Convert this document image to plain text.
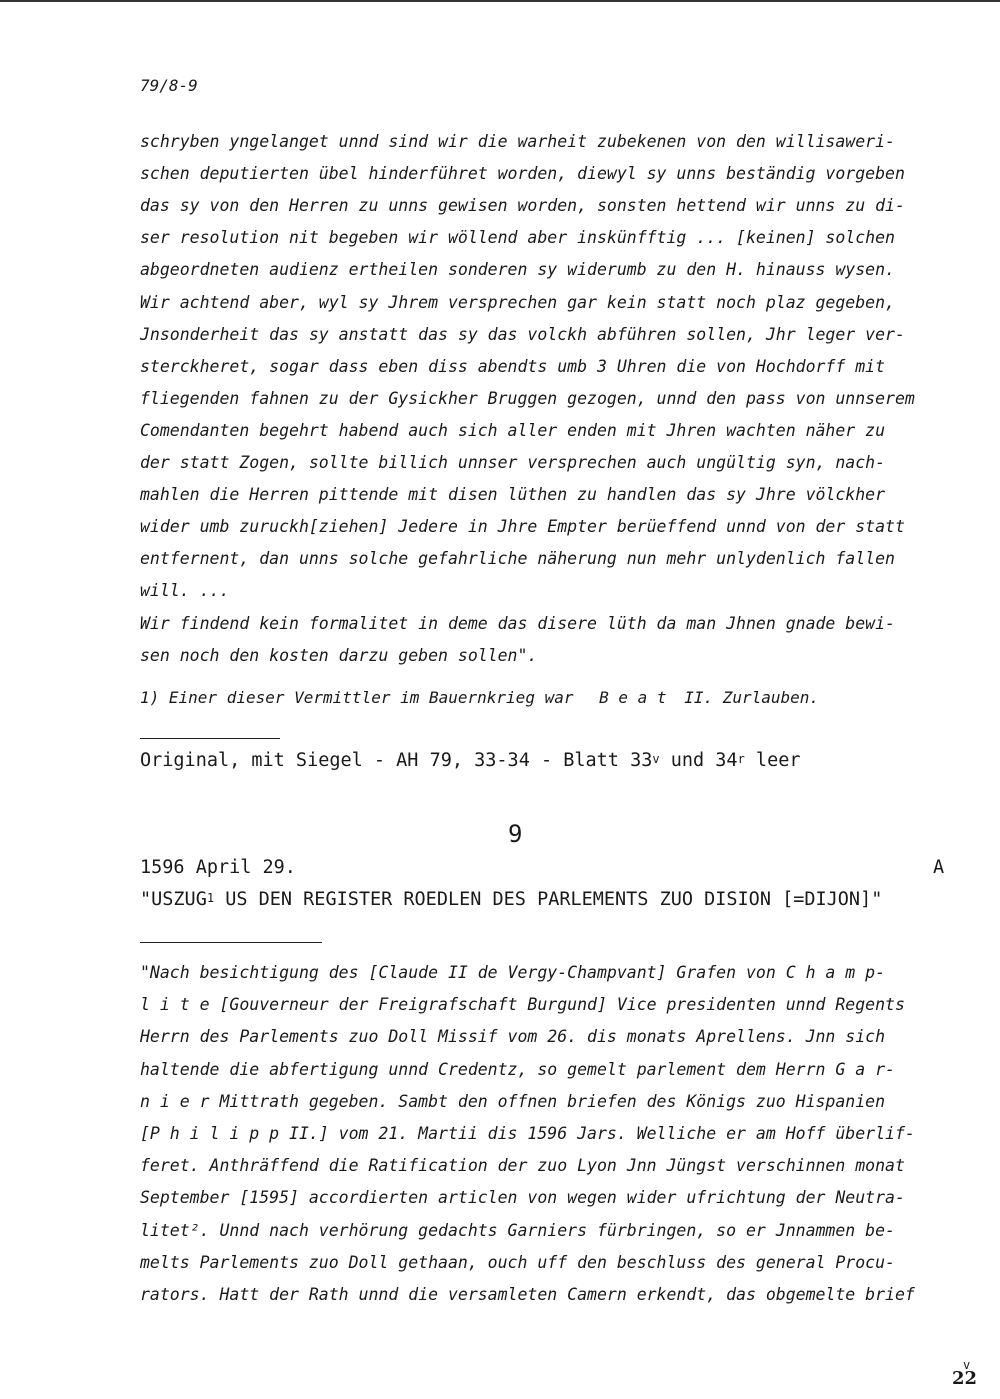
79/8-9
schryben yngelanget unnd sind wir die warheit zubekenen von den willisaweri-
schen deputierten übel hinderführet worden, diewyl sy unns beständig vorgeben
das sy von den Herren zu unns gewisen worden, sonsten hettend wir unns zu di-
ser resolution nit begeben wir wöllend aber inskünfftig ... [keinen] solchen
abgeordneten audienz ertheilen sonderen sy widerumb zu den H. hinauss wysen.
Wir achtend aber, wyl sy Jhrem versprechen gar kein statt noch plaz gegeben,
Jnsonderheit das sy anstatt das sy das volckh abführen sollen, Jhr leger ver-
sterckheret, sogar dass eben diss abendts umb 3 Uhren die von Hochdorff mit
fliegenden fahnen zu der Gysickher Bruggen gezogen, unnd den pass von unnserem
Comendanten begehrt habend auch sich aller enden mit Jhren wachten näher zu
der statt Zogen, sollte billich unnser versprechen auch ungültig syn, nach-
mahlen die Herren pittende mit disen lüthen zu handlen das sy Jhre völckher
wider umb zuruckh[ziehen] Jedere in Jhre Empter berüeffend unnd von der statt
entfernent, dan unns solche gefahrliche näherung nun mehr unlydenlich fallen
will. ...
Wir findend kein formalitet in deme das disere lüth da man Jhnen gnade bewi-
sen noch den kosten darzu geben sollen".
1) Einer dieser Vermittler im Bauernkrieg war B e a t II. Zurlauben.
Original, mit Siegel - AH 79, 33-34 - Blatt 33$^v$ und 34$^r$ leer
9
1596 April 29.	A
"USZUG$^1$ US DEN REGISTER ROEDLEN DES PARLEMENTS ZUO DISION [=DIJON]"
"Nach besichtigung des [Claude II de Vergy-Champvant] Grafen von C h a m p-
l i t e [Gouverneur der Freigrafschaft Burgund] Vice presidenten unnd Regents
Herrn des Parlements zuo Doll Missif vom 26. dis monats Aprellens. Jnn sich
haltende die abfertigung unnd Credentz, so gemelt parlement dem Herrn G a r-
n i e r Mittrath gegeben. Sambt den offnen briefen des Königs zuo Hispanien
[P h i l i p p II.] vom 21. Martii dis 1596 Jars. Welliche er am Hoff überlif-
feret. Anthräffend die Ratification der zuo Lyon Jnn Jüngst verschinnen monat
September [1595] accordierten articlen von wegen wider ufrichtung der Neutra-
litet². Unnd nach verhörung gedachts Garniers fürbringen, so er Jnnammen be-
melts Parlements zuo Doll gethaan, ouch uff den beschluss des general Procu-
rators. Hatt der Rath unnd die versamleten Camern erkendt, das obgemelte brief
v
22
